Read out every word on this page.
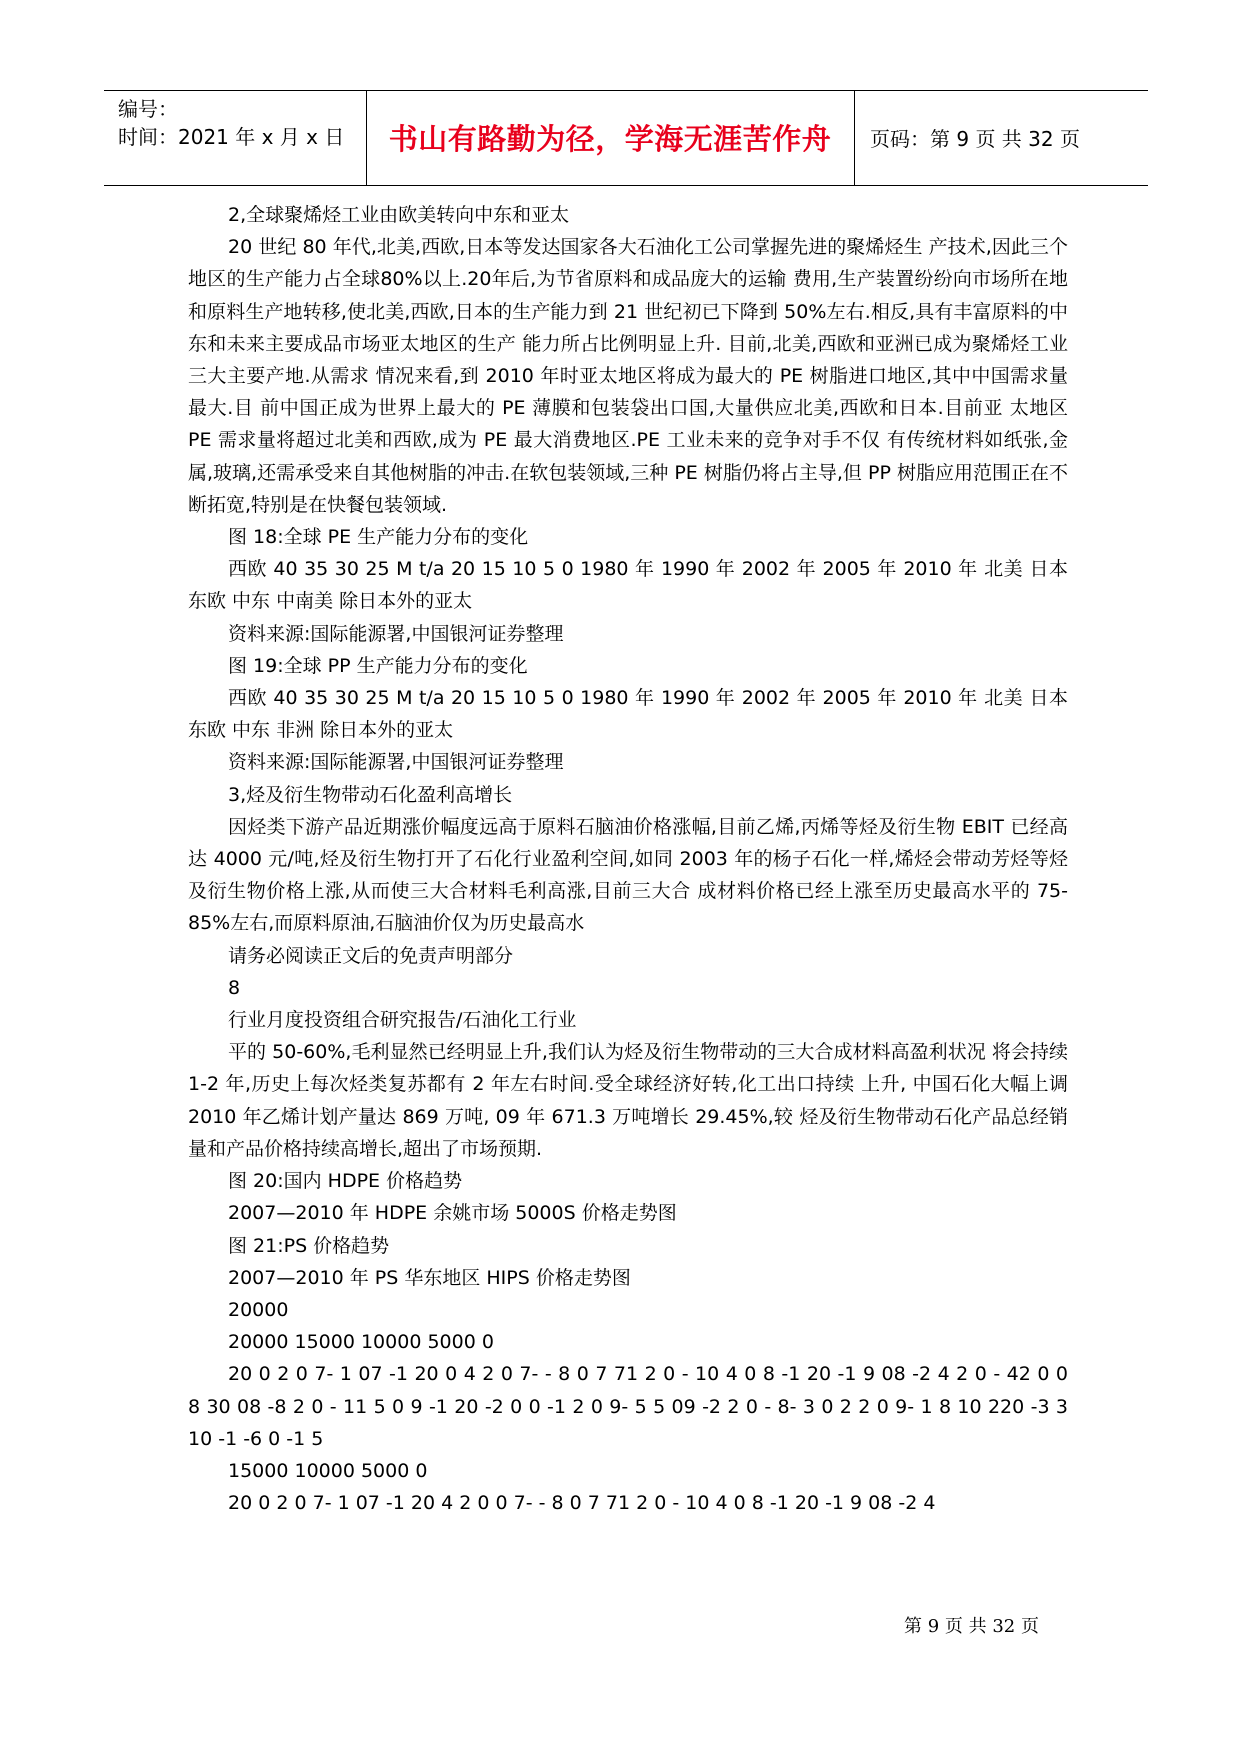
编号：
时间：2021 年 x 月 x 日	书山有路勤为径，学海无涯苦作舟	页码：第 9 页 共 32 页

2,全球聚烯烃工业由欧美转向中东和亚太

20 世纪 80 年代,北美,西欧,日本等发达国家各大石油化工公司掌握先进的聚烯烃生 产技术,因此三个地区的生产能力占全球80%以上.20年后,为节省原料和成品庞大的运输 费用,生产装置纷纷向市场所在地和原料生产地转移,使北美,西欧,日本的生产能力到 21 世纪初已下降到 50%左右.相反,具有丰富原料的中东和未来主要成品市场亚太地区的生产 能力所占比例明显上升. 目前,北美,西欧和亚洲已成为聚烯烃工业三大主要产地.从需求 情况来看,到 2010 年时亚太地区将成为最大的 PE 树脂进口地区,其中中国需求量最大.目 前中国正成为世界上最大的 PE 薄膜和包装袋出口国,大量供应北美,西欧和日本.目前亚 太地区 PE 需求量将超过北美和西欧,成为 PE 最大消费地区.PE 工业未来的竞争对手不仅 有传统材料如纸张,金属,玻璃,还需承受来自其他树脂的冲击.在软包装领域,三种 PE 树脂仍将占主导,但 PP 树脂应用范围正在不断拓宽,特别是在快餐包装领域.

图 18:全球 PE 生产能力分布的变化

西欧 40 35 30 25 M t/a 20 15 10 5 0 1980 年 1990 年 2002 年 2005 年 2010 年 北美 日本 东欧 中东 中南美 除日本外的亚太

资料来源:国际能源署,中国银河证券整理

图 19:全球 PP 生产能力分布的变化

西欧 40 35 30 25 M t/a 20 15 10 5 0 1980 年 1990 年 2002 年 2005 年 2010 年 北美 日本 东欧 中东 非洲 除日本外的亚太

资料来源:国际能源署,中国银河证券整理

3,烃及衍生物带动石化盈利高增长

因烃类下游产品近期涨价幅度远高于原料石脑油价格涨幅,目前乙烯,丙烯等烃及衍生物 EBIT 已经高达 4000 元/吨,烃及衍生物打开了石化行业盈利空间,如同 2003 年的杨子石化一样,烯烃会带动芳烃等烃及衍生物价格上涨,从而使三大合材料毛利高涨,目前三大合 成材料价格已经上涨至历史最高水平的 75-85%左右,而原料原油,石脑油价仅为历史最高水

请务必阅读正文后的免责声明部分

8

行业月度投资组合研究报告/石油化工行业

平的 50-60%,毛利显然已经明显上升,我们认为烃及衍生物带动的三大合成材料高盈利状况 将会持续 1-2 年,历史上每次烃类复苏都有 2 年左右时间.受全球经济好转,化工出口持续 上升, 中国石化大幅上调 2010 年乙烯计划产量达 869 万吨, 09 年 671.3 万吨增长 29.45%,较 烃及衍生物带动石化产品总经销量和产品价格持续高增长,超出了市场预期.

图 20:国内 HDPE 价格趋势

2007—2010 年 HDPE 余姚市场 5000S 价格走势图

图 21:PS 价格趋势

2007—2010 年 PS 华东地区 HIPS 价格走势图

20000

20000 15000 10000 5000 0

20 0 2 0 7- 1 07 -1 20 0 4 2 0 7- - 8 0 7 71 2 0 - 10 4 0 8 -1 20 -1 9 08 -2 4 2 0 - 42 0 0 8 30 08 -8 2 0 - 11 5 0 9 -1 20 -2 0 0 -1 2 0 9- 5 5 09 -2 2 0 - 8- 3 0 2 2 0 9- 1 8 10 220 -3 3 10 -1 -6 0 -1 5

15000 10000 5000 0

20 0 2 0 7- 1 07 -1 20 4 2 0 0 7- - 8 0 7 71 2 0 - 10 4 0 8 -1 20 -1 9 08 -2 4

第 9 页 共 32 页
